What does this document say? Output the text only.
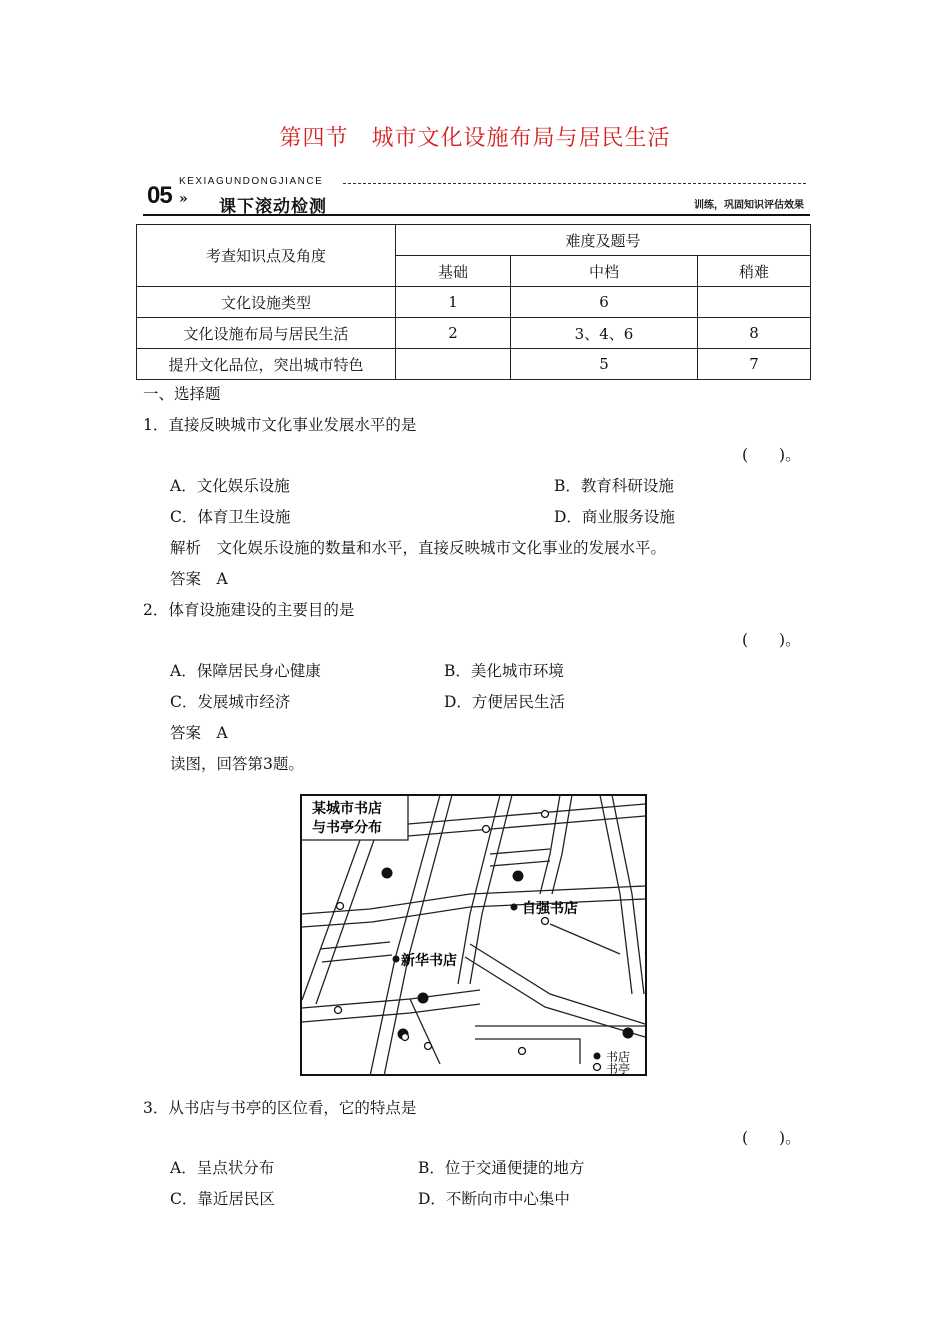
第四节　城市文化设施布局与居民生活
05
KEXIAGUNDONGJIANCE
» 课下滚动检测	训练，巩固知识评估效果
考查知识点及角度	难度及题号		
	基础	中档	稍难
文化设施类型	1	6	
文化设施布局与居民生活	2	3、4、6	8
提升文化品位，突出城市特色		5	7
一、选择题
1．直接反映城市文化事业发展水平的是
(　　)。
A．文化娱乐设施	B．教育科研设施
C．体育卫生设施	D．商业服务设施
解析　文化娱乐设施的数量和水平，直接反映城市文化事业的发展水平。
答案　A
2．体育设施建设的主要目的是
(　　)。
A．保障居民身心健康	B．美化城市环境
C．发展城市经济	D．方便居民生活
答案　A
读图，回答第3题。
某城市书店
与书亭分布
自强书店
新华书店
书店
书亭
3．从书店与书亭的区位看，它的特点是
(　　)。
A．呈点状分布	B．位于交通便捷的地方
C．靠近居民区	D．不断向市中心集中
